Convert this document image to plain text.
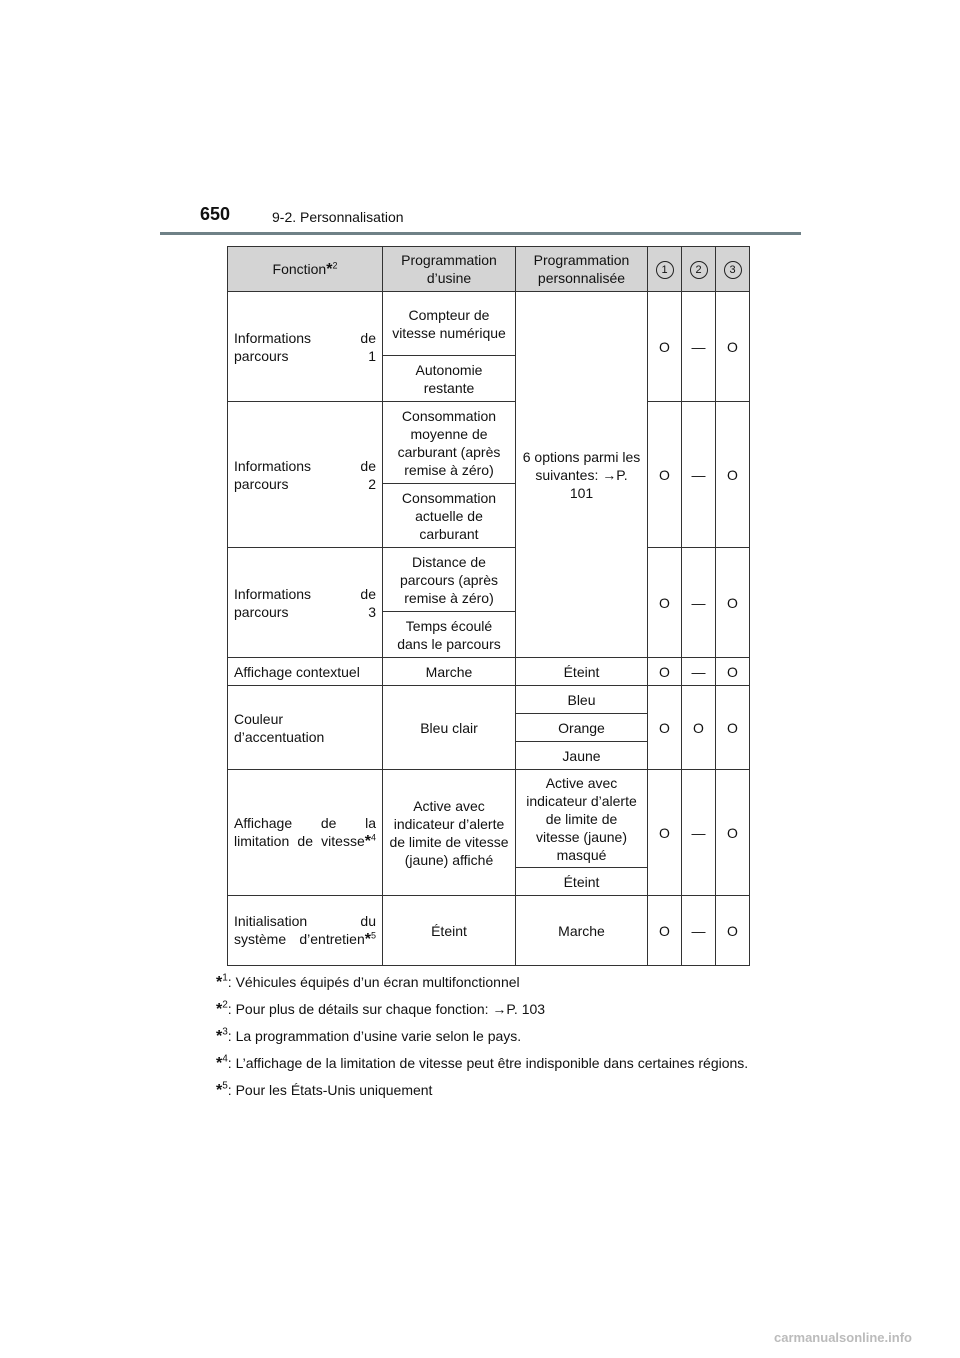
650	9-2. Personnalisation
Fonction*$^2$	Programmation d’usine	Programmation personnalisée	1	2	3
Informations de parcours 1	Compteur de vitesse numérique	6 options parmi les suivantes: →P. 101	O	—	O
	Autonomie restante				
Informations de parcours 2	Consommation moyenne de carburant (après remise à zéro)		O	—	O
	Consommation actuelle de carburant				
Informations de parcours 3	Distance de parcours (après remise à zéro)		O	—	O
	Temps écoulé dans le parcours				
Affichage contextuel	Marche	Éteint	O	—	O
Couleur d’accentuation	Bleu clair	Bleu	O	O	O
		Orange			
		Jaune			
Affichage de la limitation de vitesse*$^4$	Active avec indicateur d’alerte de limite de vitesse (jaune) affiché	Active avec indicateur d’alerte de limite de vitesse (jaune) masqué	O	—	O
		Éteint			
Initialisation du système d’entretien*$^5$	Éteint	Marche	O	—	O
*$^1$: Véhicules équipés d’un écran multifonctionnel
*$^2$: Pour plus de détails sur chaque fonction: →P. 103
*$^3$: La programmation d’usine varie selon le pays.
*$^4$: L’affichage de la limitation de vitesse peut être indisponible dans certaines régions.
*$^5$: Pour les États-Unis uniquement
carmanualsonline.info
